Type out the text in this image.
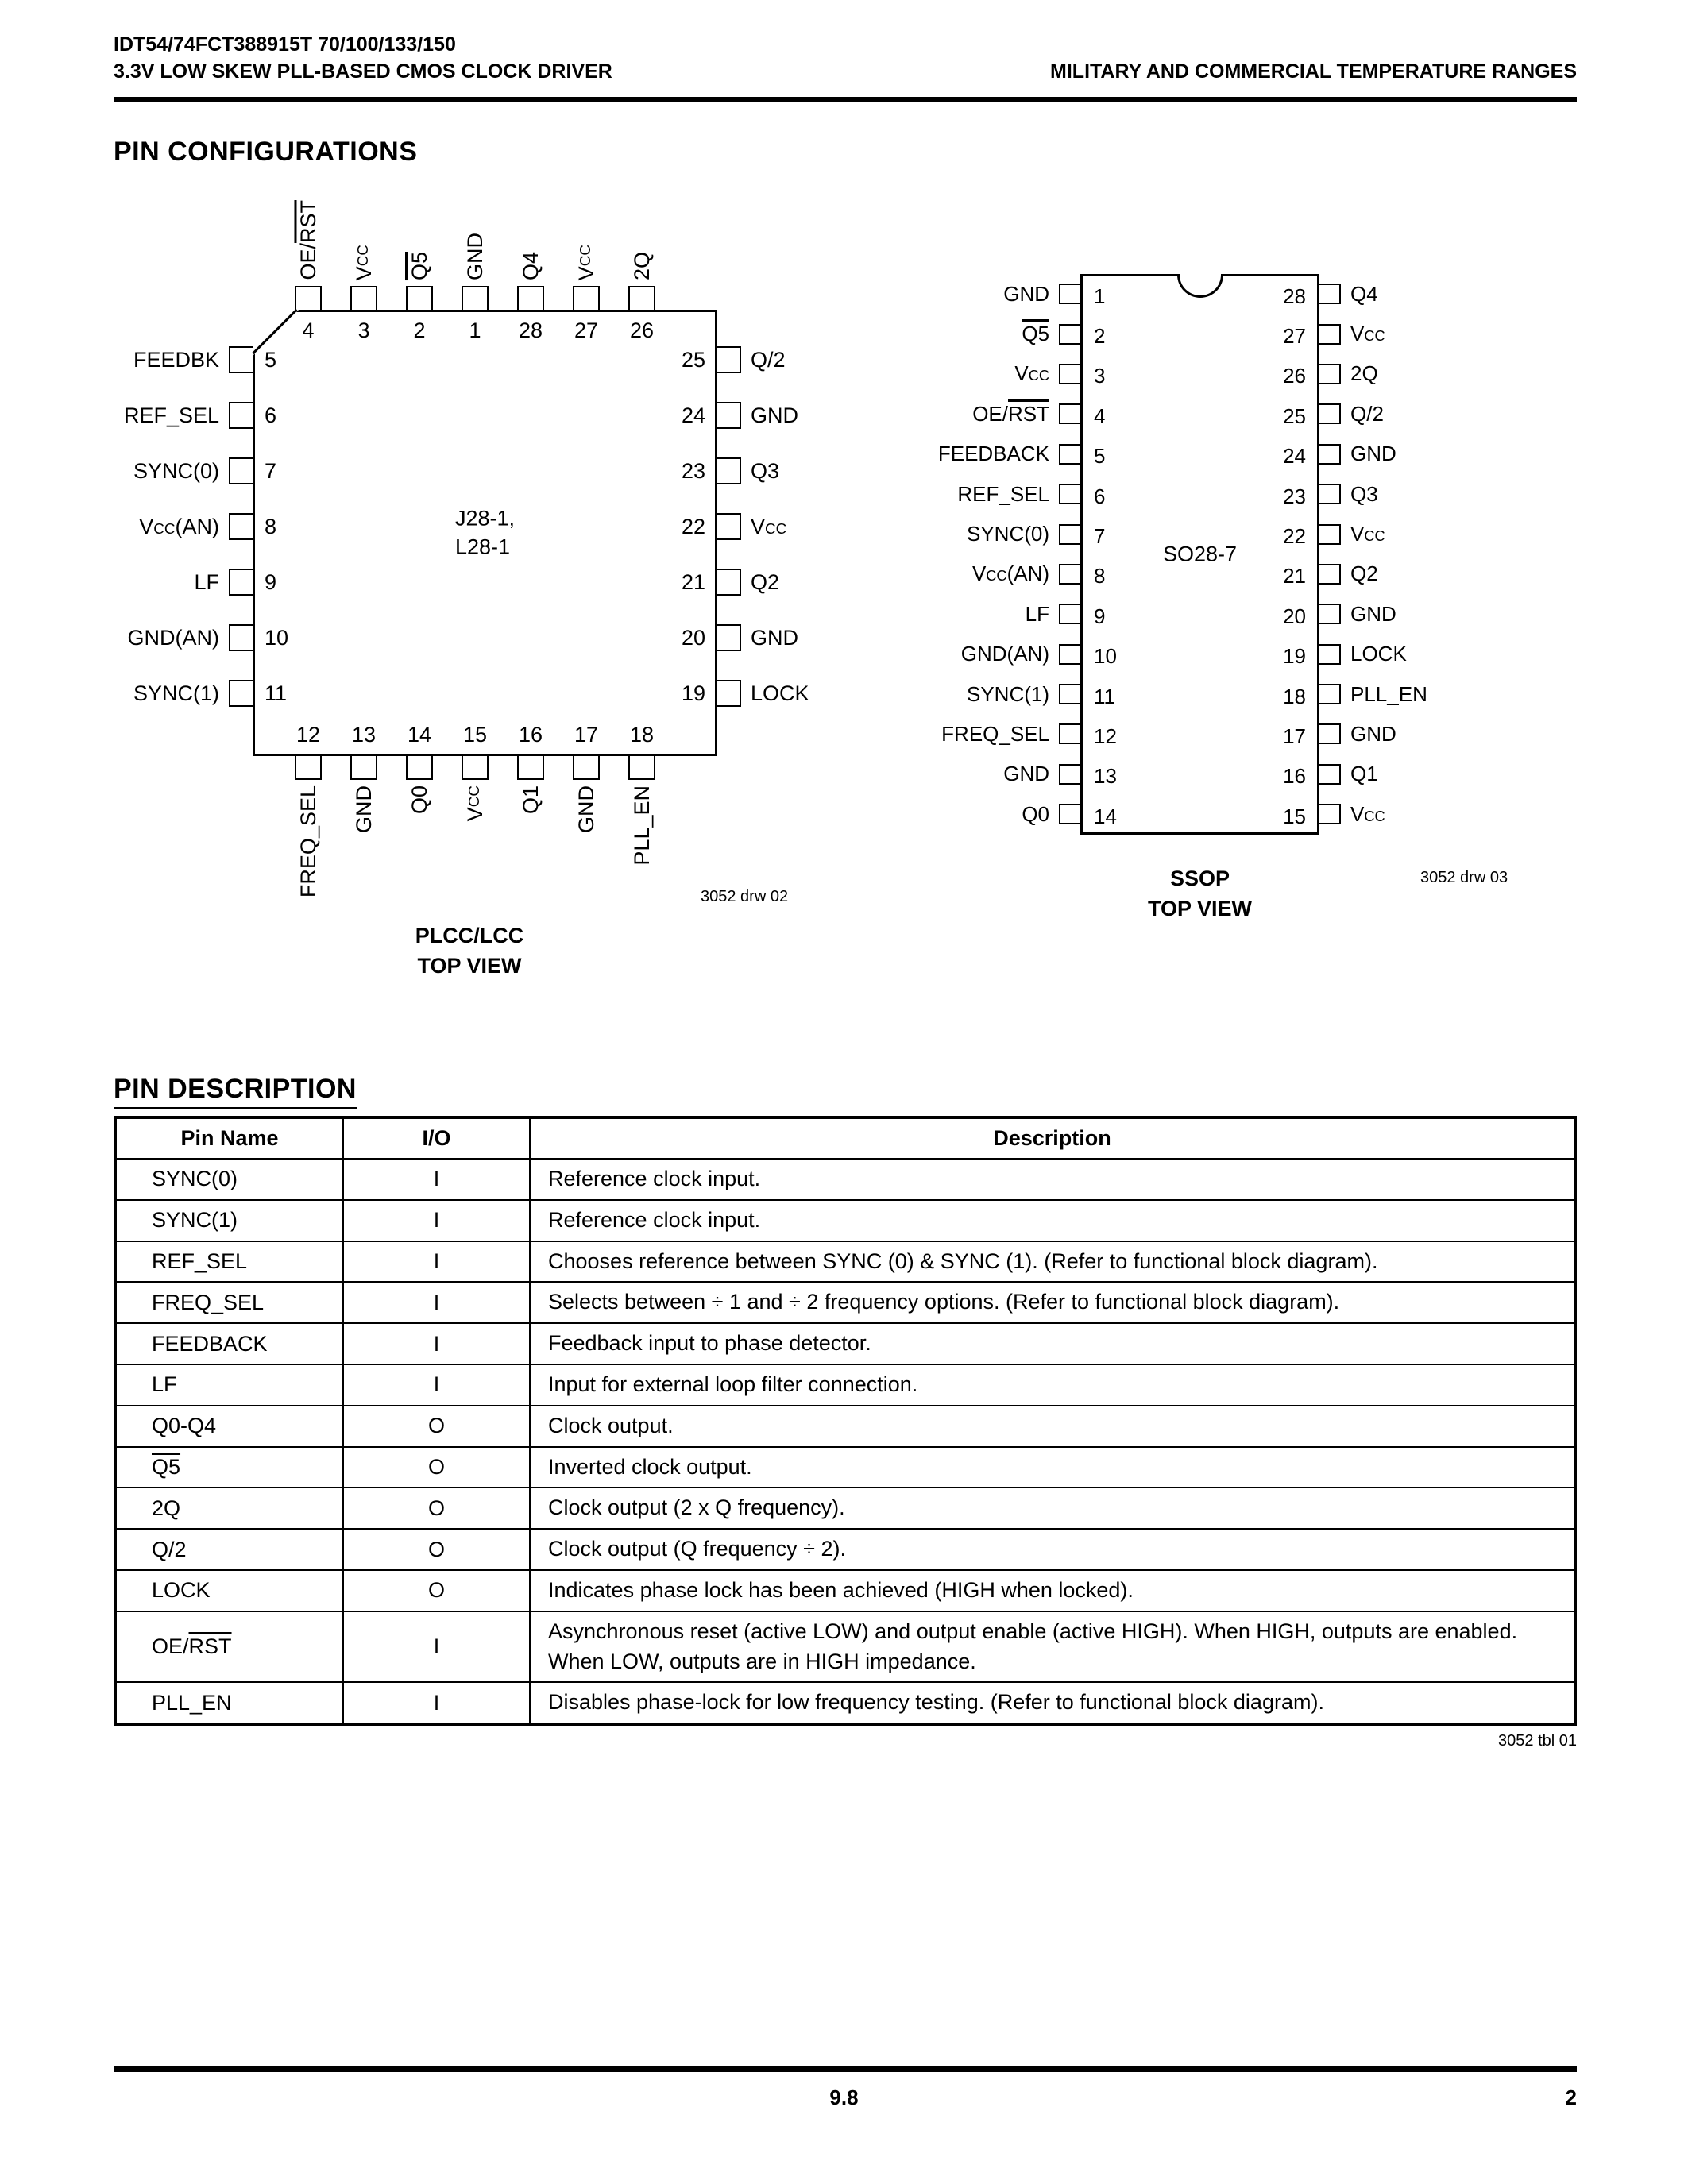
IDT54/74FCT388915T 70/100/133/150
3.3V LOW SKEW PLL-BASED CMOS CLOCK DRIVER	MILITARY AND COMMERCIAL TEMPERATURE RANGES
PIN CONFIGURATIONS
OE/RST
VCC Q5 GND Q4 VCC 2Q
FEEDBK
REF_SEL
SYNC(0)
VCC(AN)
LF
GND(AN)
SYNC(1)
4	3	2	1	28	27	26
5
6
7
8
9
10
11
25
24
23
22
21
20
19
12	13	14	15	16	17	18
J28-1,
L28-1
Q/2
GND
Q3
VCC
Q2
GND
LOCK
FREQ_SEL GND Q0
VCC Q1 GND PLL_EN
3052 drw 02
PLCC/LCC
TOP VIEW
GND
Q5
VCC
$OE/\overline{RST}$
FEEDBACK
REF_SEL
SYNC(0)
VCC(AN)
LF
GND(AN)
SYNC(1)
FREQ_SEL
GND
Q0
1
2
3
4
5
6
7
8
9
10
11
12
13
14
28
27
26
25
24
23
22
21
20
19
18
17
16
15
SO28-7
Q4
VCC
2Q
Q/2
GND
Q3
VCC
Q2
GND
LOCK
PLL_EN
GND
Q1
VCC
SSOP
TOP VIEW
3052 drw 03
PIN DESCRIPTION
Pin Name	I/O	Description
SYNC(0)	I	Reference clock input.
SYNC(1)	I	Reference clock input.
REF_SEL	I	Chooses reference between SYNC (0) & SYNC (1). (Refer to functional block diagram).
FREQ_SEL	I	Selects between ÷ 1 and ÷ 2 frequency options. (Refer to functional block diagram).
FEEDBACK	I	Feedback input to phase detector.
LF	I	Input for external loop filter connection.
Q0-Q4	O	Clock output.
Q5	O	Inverted clock output.
2Q	O	Clock output (2 x Q frequency).
Q/2	O	Clock output (Q frequency ÷ 2).
LOCK	O	Indicates phase lock has been achieved (HIGH when locked).
$OE/\overline{RST}$	I	Asynchronous reset (active LOW) and output enable (active HIGH). When HIGH, outputs are enabled. When LOW, outputs are in HIGH impedance.
PLL_EN	I	Disables phase-lock for low frequency testing. (Refer to functional block diagram).
3052 tbl 01
9.8	2
